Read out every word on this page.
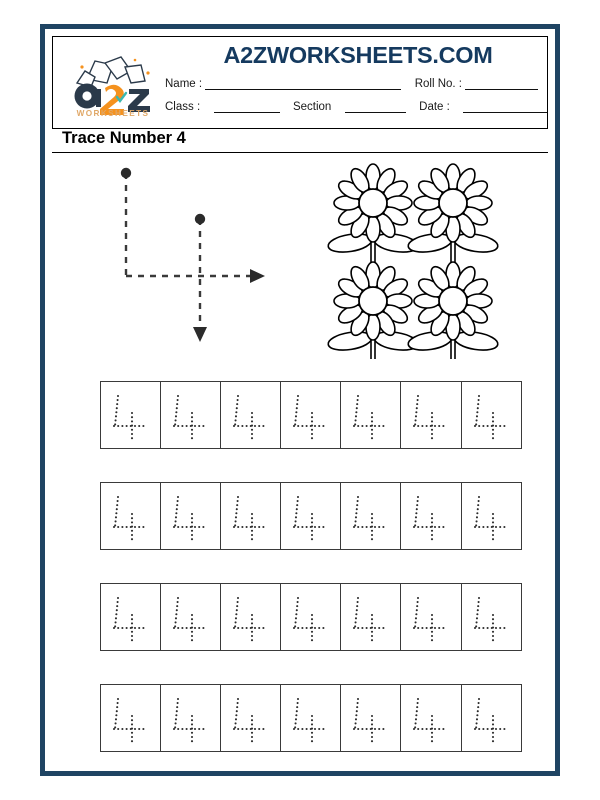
A2ZWORKSHEETS.COM
WORKSHEETS
Name :	Roll No. :
Class :	Section	Date :
Trace Number 4
